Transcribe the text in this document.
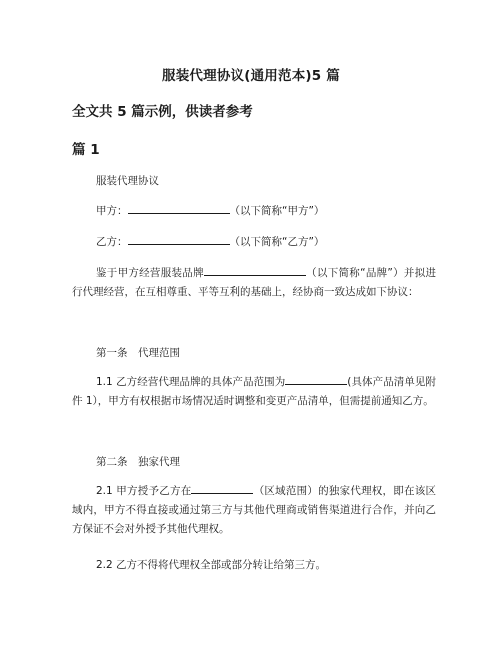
服装代理协议(通用范本)5 篇
全文共 5 篇示例，供读者参考
篇 1

服装代理协议

甲方：	（以下简称“甲方”）

乙方：	（以下简称“乙方”）

鉴于甲方经营服装品牌	（以下简称“品牌”）并拟进行代理经营，在互相尊重、平等互利的基础上，经协商一致达成如下协议：

第一条　代理范围

1.1 乙方经营代理品牌的具体产品范围为	(具体产品清单见附件 1），甲方有权根据市场情况适时调整和变更产品清单，但需提前通知乙方。

第二条　独家代理

2.1 甲方授予乙方在	（区域范围）的独家代理权，即在该区域内，甲方不得直接或通过第三方与其他代理商或销售渠道进行合作，并向乙方保证不会对外授予其他代理权。

2.2 乙方不得将代理权全部或部分转让给第三方。
